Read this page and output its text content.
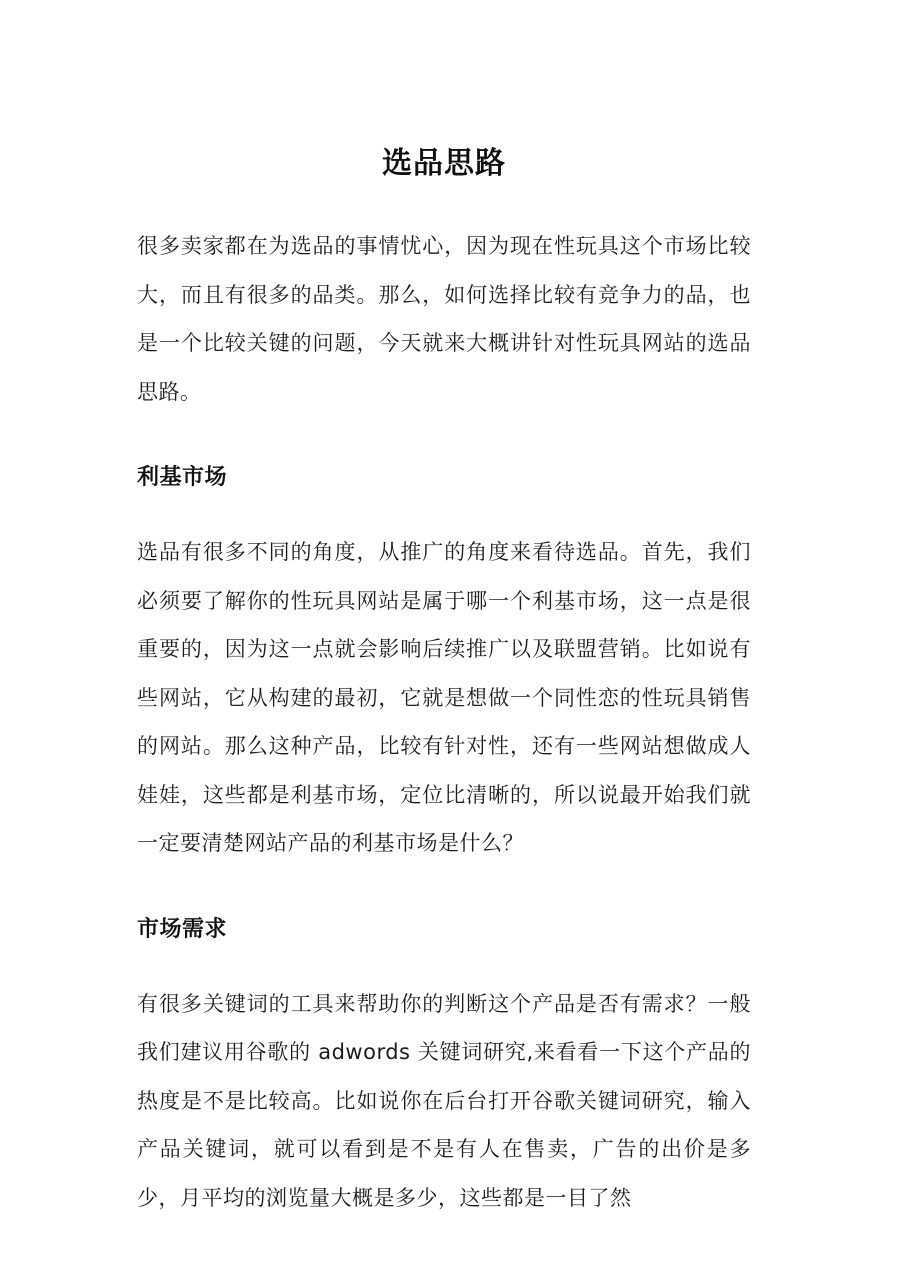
选品思路

很多卖家都在为选品的事情忧心，因为现在性玩具这个市场比较大，而且有很多的品类。那么，如何选择比较有竞争力的品，也是一个比较关键的问题，今天就来大概讲针对性玩具网站的选品思路。

利基市场

选品有很多不同的角度，从推广的角度来看待选品。首先，我们必须要了解你的性玩具网站是属于哪一个利基市场，这一点是很重要的，因为这一点就会影响后续推广以及联盟营销。比如说有些网站，它从构建的最初，它就是想做一个同性恋的性玩具销售的网站。那么这种产品，比较有针对性，还有一些网站想做成人娃娃，这些都是利基市场，定位比清晰的，所以说最开始我们就一定要清楚网站产品的利基市场是什么？

市场需求

有很多关键词的工具来帮助你的判断这个产品是否有需求？一般我们建议用谷歌的 adwords 关键词研究,来看看一下这个产品的热度是不是比较高。比如说你在后台打开谷歌关键词研究，输入产品关键词，就可以看到是不是有人在售卖，广告的出价是多少，月平均的浏览量大概是多少，这些都是一目了然
